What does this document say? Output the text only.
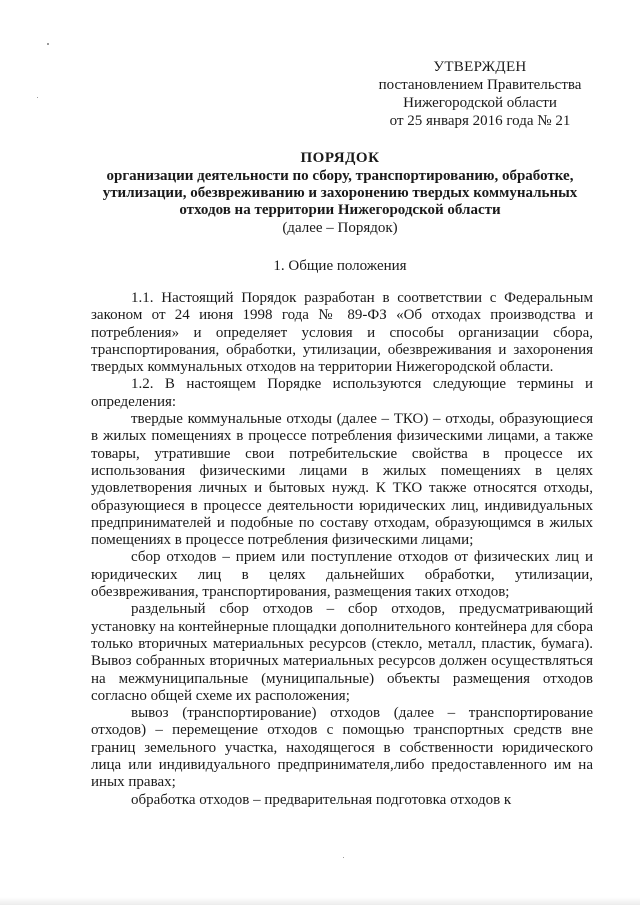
УТВЕРЖДЕН
постановлением Правительства
Нижегородской области
от 25 января 2016 года № 21
ПОРЯДОК
организации деятельности по сбору, транспортированию, обработке,
утилизации, обезвреживанию и захоронению твердых коммунальных
отходов на территории Нижегородской области
(далее – Порядок)
1. Общие положения

1.1. Настоящий Порядок разработан в соответствии с Федеральным законом от 24 июня 1998 года № 89-ФЗ «Об отходах производства и потребления» и определяет условия и способы организации сбора, транспортирования, обработки, утилизации, обезвреживания и захоронения твердых коммунальных отходов на территории Нижегородской области.

1.2. В настоящем Порядке используются следующие термины и определения:

твердые коммунальные отходы (далее – ТКО) – отходы, образующиеся в жилых помещениях в процессе потребления физическими лицами, а также товары, утратившие свои потребительские свойства в процессе их использования физическими лицами в жилых помещениях в целях удовлетворения личных и бытовых нужд. К ТКО также относятся отходы, образующиеся в процессе деятельности юридических лиц, индивидуальных предпринимателей и подобные по составу отходам, образующимся в жилых помещениях в процессе потребления физическими лицами;

сбор отходов – прием или поступление отходов от физических лиц и юридических лиц в целях дальнейших обработки, утилизации, обезвреживания, транспортирования, размещения таких отходов;

раздельный сбор отходов – сбор отходов, предусматривающий установку на контейнерные площадки дополнительного контейнера для сбора только вторичных материальных ресурсов (стекло, металл, пластик, бумага). Вывоз собранных вторичных материальных ресурсов должен осуществляться на межмуниципальные (муниципальные) объекты размещения отходов согласно общей схеме их расположения;

вывоз (транспортирование) отходов (далее – транспортирование отходов) – перемещение отходов с помощью транспортных средств вне границ земельного участка, находящегося в собственности юридического лица или индивидуального предпринимателя,либо предоставленного им на иных правах;

обработка отходов – предварительная подготовка отходов к
